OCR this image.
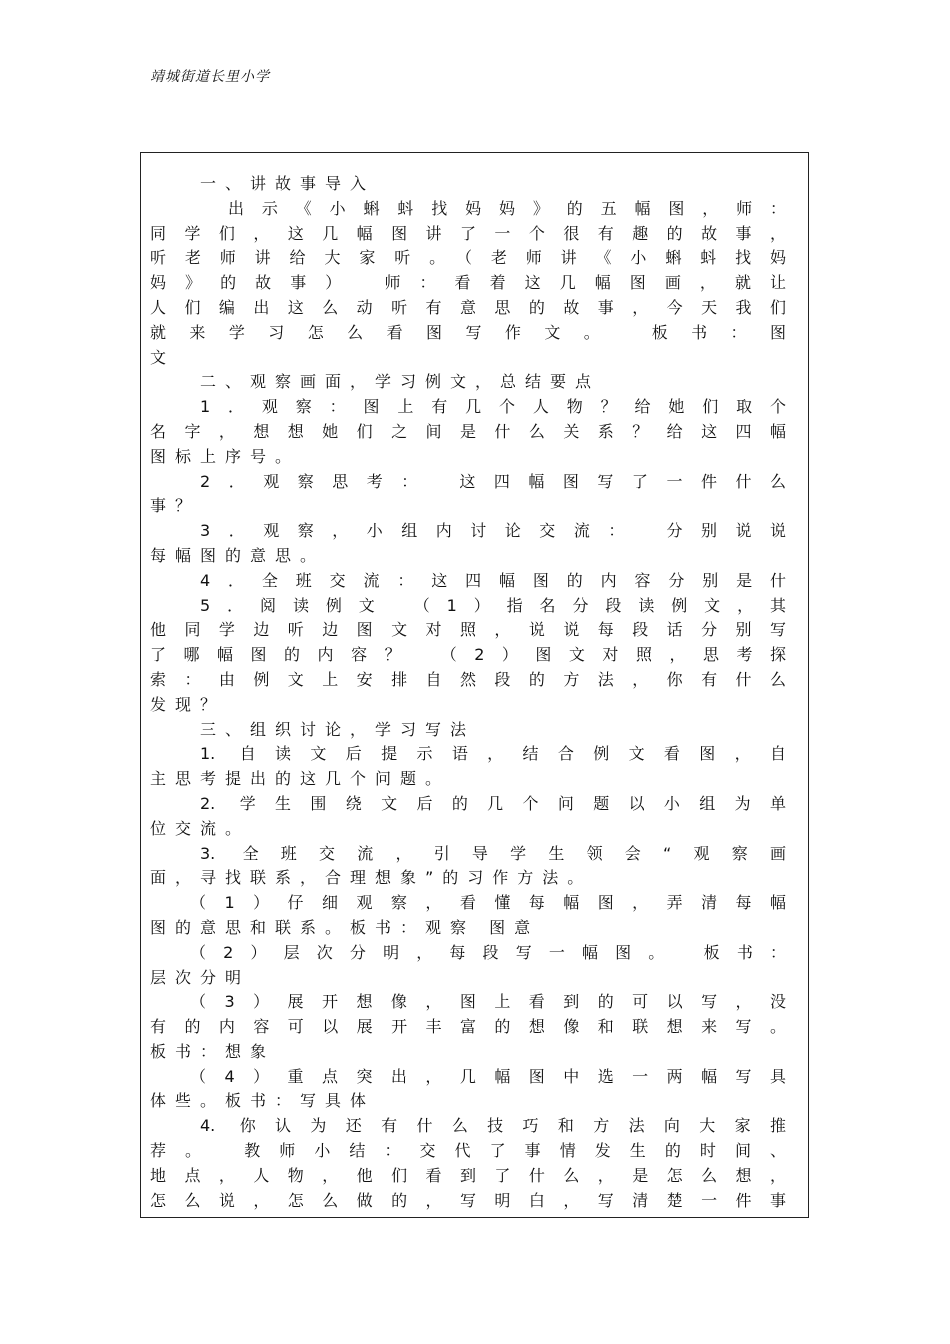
靖城街道长里小学
一、讲故事导入
出示《小蝌蚪找妈妈》的五幅图，师：
同学们，这几幅图讲了一个很有趣的故事，
听老师讲给大家听。（老师讲《小蝌蚪找妈
妈》的故事） 师：看着这几幅图画，就让
人们编出这么动听有意思的故事，今天我们
就来学习怎么看图写作文。 板书：图
文
二、观察画面，学习例文，总结要点
1．观察：图上有几个人物？给她们取个
名字，想想她们之间是什么关系？给这四幅
图标上序号。
2．观察思考： 这四幅图写了一件什么
事？
3．观察，小组内讨论交流： 分别说说
每幅图的意思。
4．全班交流：这四幅图的内容分别是什
5．阅读例文 （1）指名分段读例文，其
他同学边听边图文对照，说说每段话分别写
了哪幅图的内容？ （2）图文对照，思考探
索：由例文上安排自然段的方法，你有什么
发现？
三、组织讨论，学习写法
1. 自读文后提示语，结合例文看图，自
主思考提出的这几个问题。
2. 学生围绕文后的几个问题以小组为单
位交流。
3. 全班交流，引导学生领会“观察画
面，寻找联系，合理想象”的习作方法。
（1）仔细观察，看懂每幅图，弄清每幅
图的意思和联系。板书：观察 图意
（2）层次分明，每段写一幅图。 板书：
层次分明
（3）展开想像，图上看到的可以写，没
有的内容可以展开丰富的想像和联想来写。
板书：想象
（4）重点突出，几幅图中选一两幅写具
体些。板书：写具体
4. 你认为还有什么技巧和方法向大家推
荐。 教师小结：交代了事情发生的时间、
地点，人物，他们看到了什么，是怎么想，
怎么说，怎么做的，写明白，写清楚一件事
